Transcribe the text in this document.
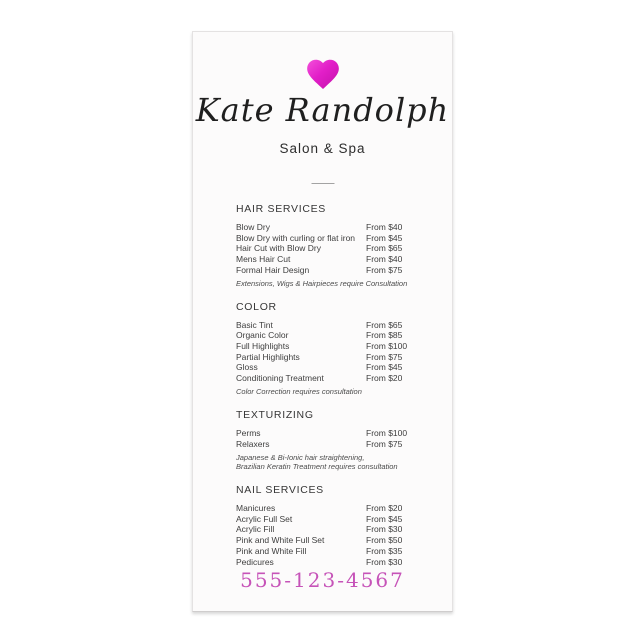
Kate Randolph
Salon & Spa
HAIR SERVICES
Blow Dry	From $40
Blow Dry with curling or flat iron	From $45
Hair Cut with Blow Dry	From $65
Mens Hair Cut	From $40
Formal Hair Design	From $75
Extensions, Wigs & Hairpieces require Consultation
COLOR
Basic Tint	From $65
Organic Color	From $85
Full Highlights	From $100
Partial Highlights	From $75
Gloss	From $45
Conditioning Treatment	From $20
Color Correction requires consultation
TEXTURIZING
Perms	From $100
Relaxers	From $75
Japanese & Bi-Ionic hair straightening,
Brazilian Keratin Treatment requires consultation
NAIL SERVICES
Manicures	From $20
Acrylic Full Set	From $45
Acrylic Fill	From $30
Pink and White Full Set	From $50
Pink and White Fill	From $35
Pedicures	From $30
555-123-4567
